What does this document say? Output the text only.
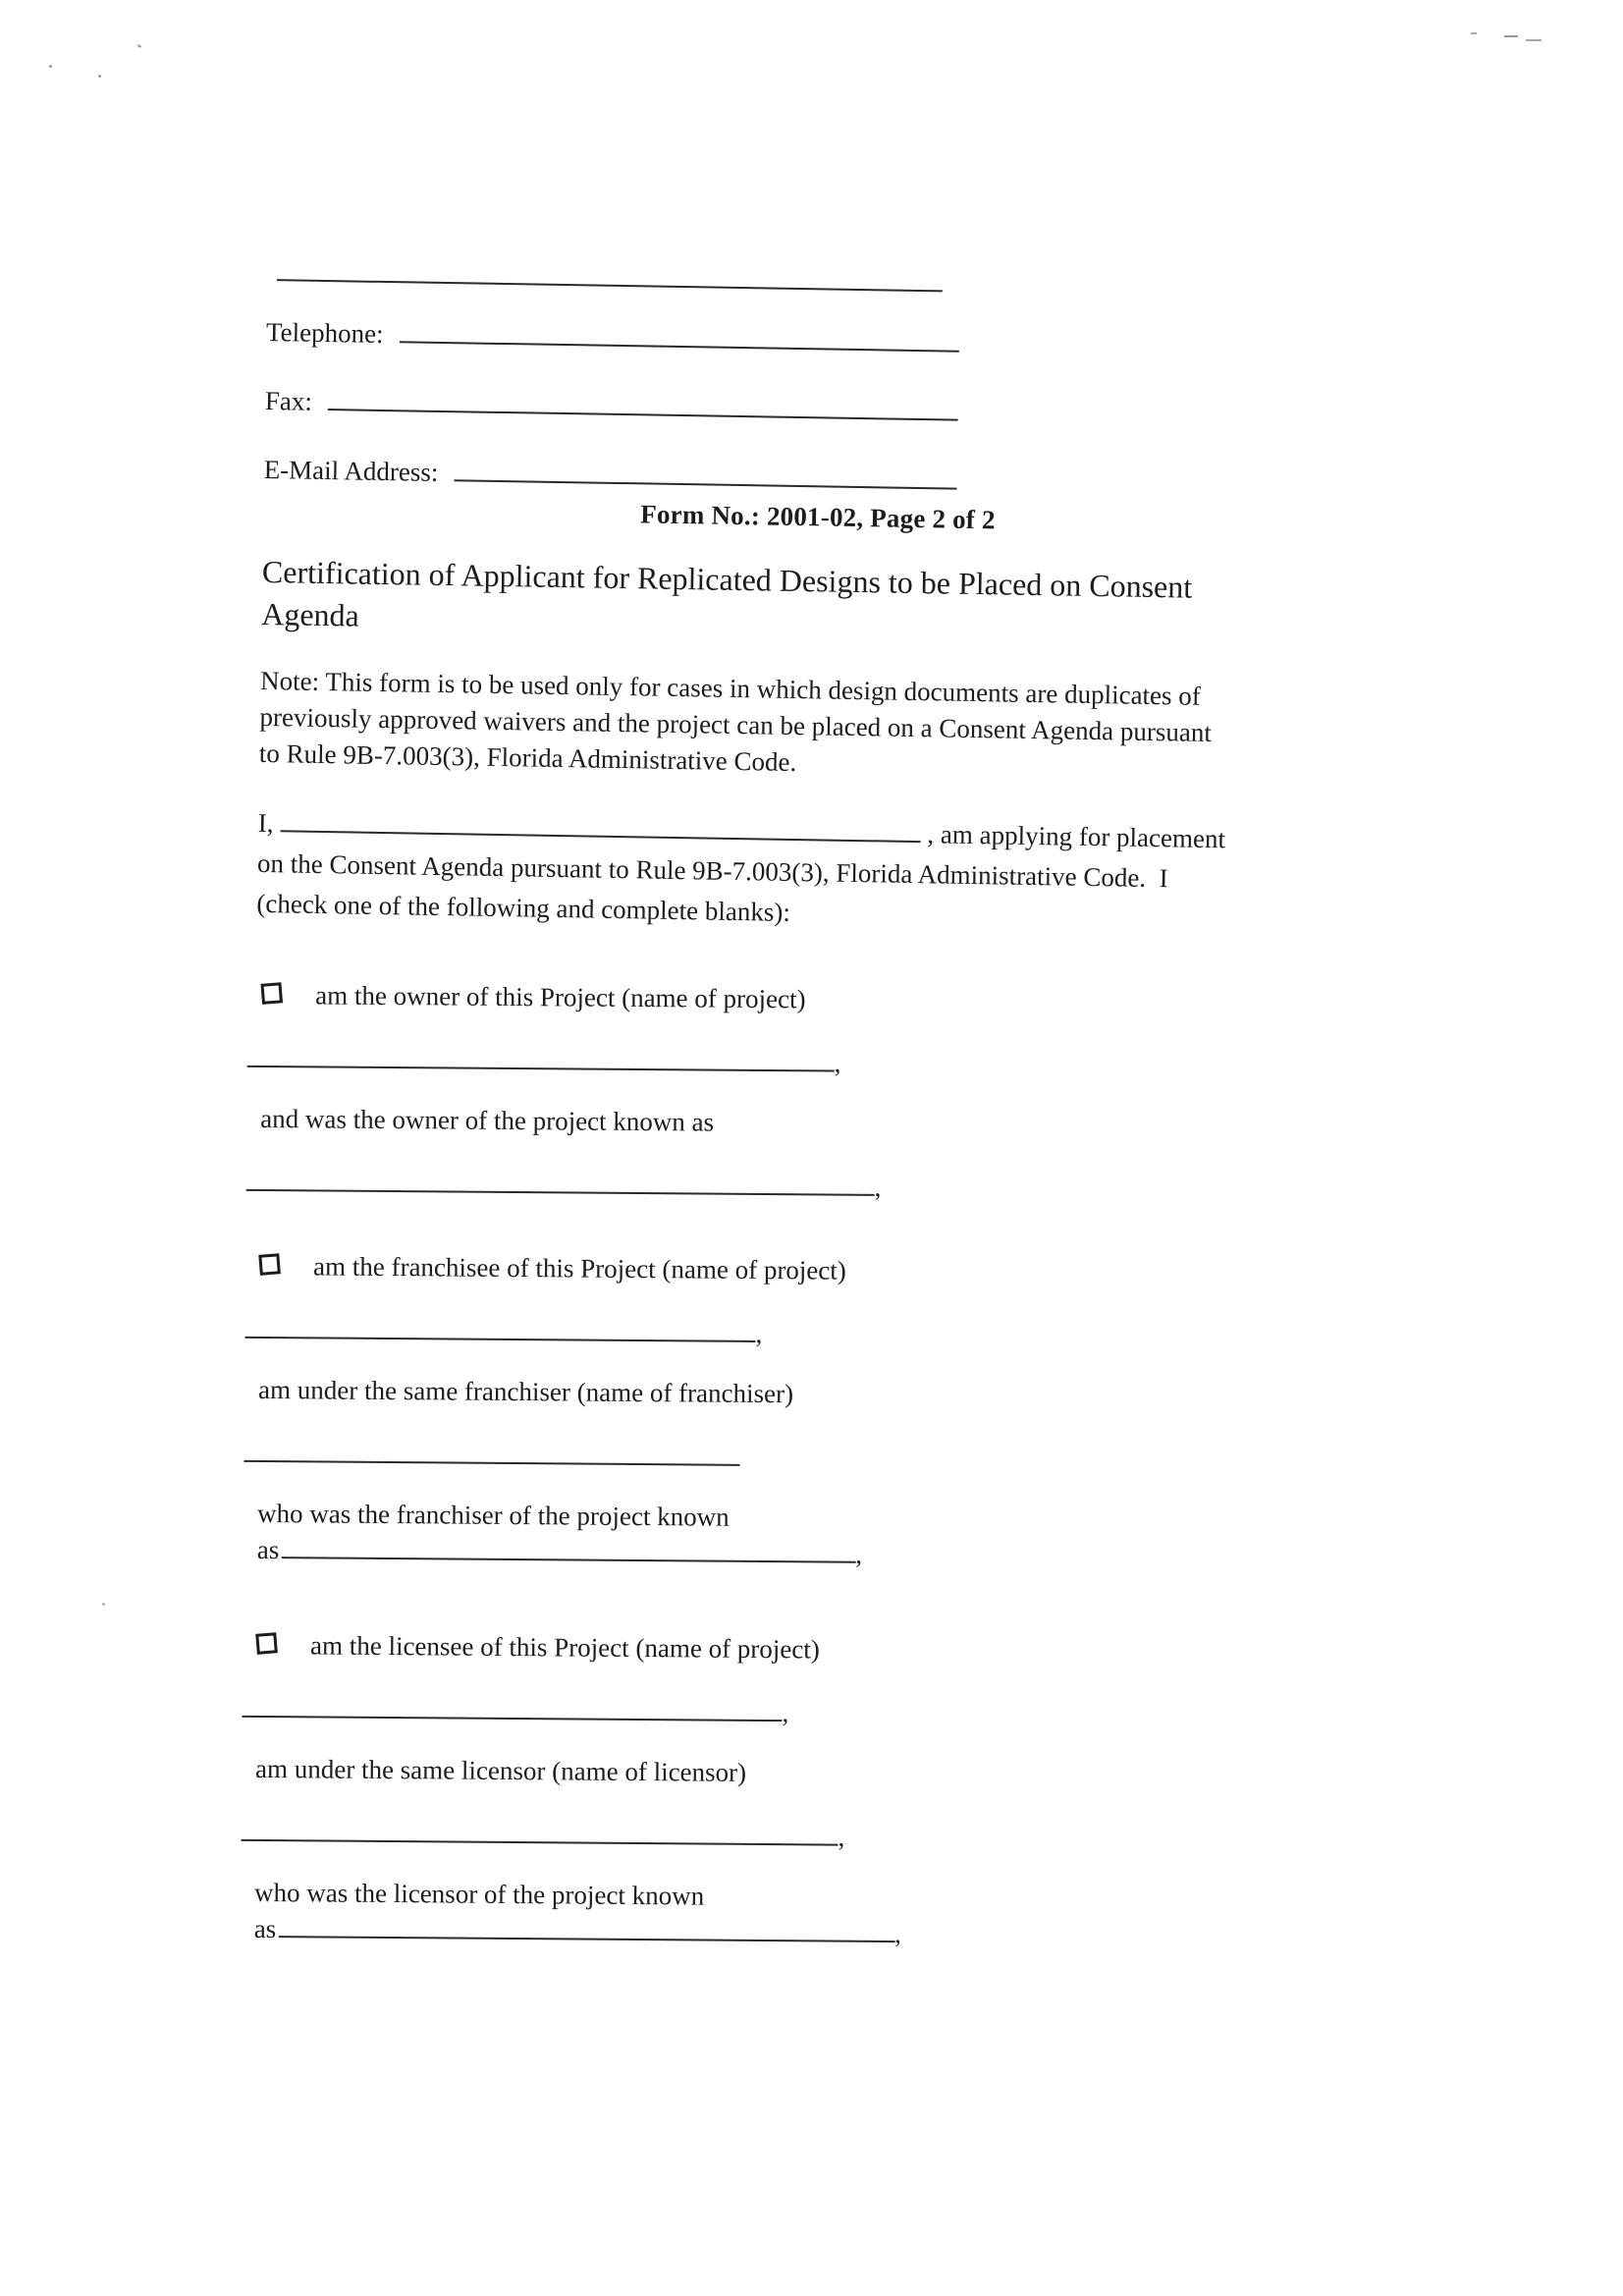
Telephone:
Fax:
E-Mail Address:
Form No.: 2001-02, Page 2 of 2
Certification of Applicant for Replicated Designs to be Placed on Consent
Agenda

Note: This form is to be used only for cases in which design documents are duplicates of
previously approved waivers and the project can be placed on a Consent Agenda pursuant
to Rule 9B-7.003(3), Florida Administrative Code.

I,	, am applying for placement
on the Consent Agenda pursuant to Rule 9B-7.003(3), Florida Administrative Code.  I
(check one of the following and complete blanks):
am the owner of this Project (name of project)
,
and was the owner of the project known as
,
am the franchisee of this Project (name of project)
,
am under the same franchiser (name of franchiser)
who was the franchiser of the project known
as	,
am the licensee of this Project (name of project)
,
am under the same licensor (name of licensor)
,
who was the licensor of the project known
as	,
